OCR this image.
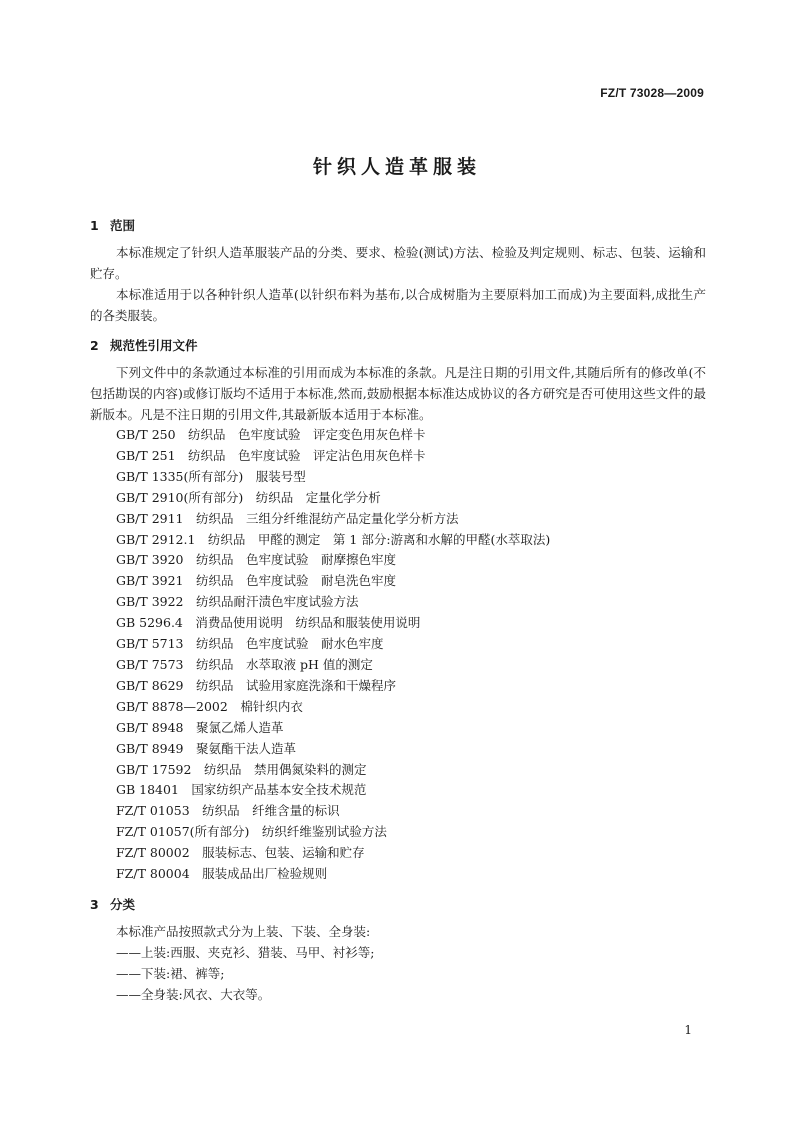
FZ/T 73028—2009
针织人造革服装
1 范围

本标准规定了针织人造革服装产品的分类、要求、检验(测试)方法、检验及判定规则、标志、包装、运输和贮存。

本标准适用于以各种针织人造革(以针织布料为基布,以合成树脂为主要原料加工而成)为主要面料,成批生产的各类服装。

2 规范性引用文件

下列文件中的条款通过本标准的引用而成为本标准的条款。凡是注日期的引用文件,其随后所有的修改单(不包括勘误的内容)或修订版均不适用于本标准,然而,鼓励根据本标准达成协议的各方研究是否可使用这些文件的最新版本。凡是不注日期的引用文件,其最新版本适用于本标准。

GB/T 250　纺织品　色牢度试验　评定变色用灰色样卡
GB/T 251　纺织品　色牢度试验　评定沾色用灰色样卡
GB/T 1335(所有部分)　服装号型
GB/T 2910(所有部分)　纺织品　定量化学分析
GB/T 2911　纺织品　三组分纤维混纺产品定量化学分析方法
GB/T 2912.1　纺织品　甲醛的测定　第 1 部分:游离和水解的甲醛(水萃取法)
GB/T 3920　纺织品　色牢度试验　耐摩擦色牢度
GB/T 3921　纺织品　色牢度试验　耐皂洗色牢度
GB/T 3922　纺织品耐汗渍色牢度试验方法
GB 5296.4　消费品使用说明　纺织品和服装使用说明
GB/T 5713　纺织品　色牢度试验　耐水色牢度
GB/T 7573　纺织品　水萃取液 pH 值的测定
GB/T 8629　纺织品　试验用家庭洗涤和干燥程序
GB/T 8878—2002　棉针织内衣
GB/T 8948　聚氯乙烯人造革
GB/T 8949　聚氨酯干法人造革
GB/T 17592　纺织品　禁用偶氮染料的测定
GB 18401　国家纺织产品基本安全技术规范
FZ/T 01053　纺织品　纤维含量的标识
FZ/T 01057(所有部分)　纺织纤维鉴别试验方法
FZ/T 80002　服装标志、包装、运输和贮存
FZ/T 80004　服装成品出厂检验规则
3 分类

本标准产品按照款式分为上装、下装、全身装:

——上装:西服、夹克衫、猎装、马甲、衬衫等;
——下装:裙、裤等;
——全身装:风衣、大衣等。
1
